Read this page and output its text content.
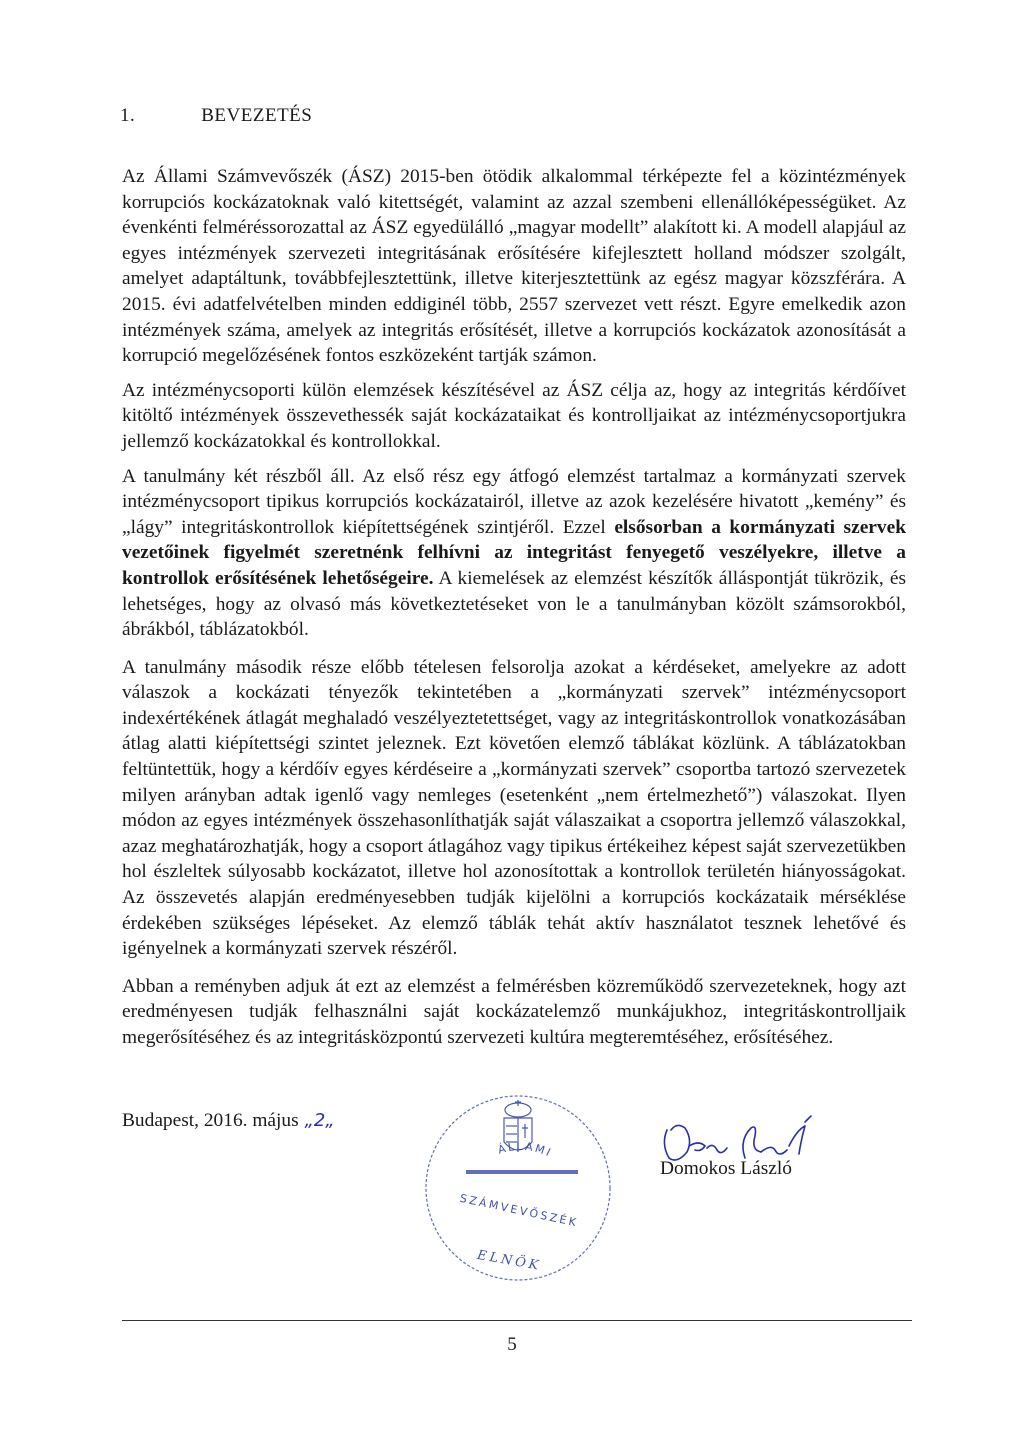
1.	BEVEZETÉS

Az Állami Számvevőszék (ÁSZ) 2015-ben ötödik alkalommal térképezte fel a közintézmények korrupciós kockázatoknak való kitettségét, valamint az azzal szembeni ellenállóképességüket. Az évenkénti felméréssorozattal az ÁSZ egyedülálló „magyar modellt” alakított ki. A modell alapjául az egyes intézmények szervezeti integritásának erősítésére kifejlesztett holland módszer szolgált, amelyet adaptáltunk, továbbfejlesztettünk, illetve kiterjesztettünk az egész magyar közszférára. A 2015. évi adatfelvételben minden eddiginél több, 2557 szervezet vett részt. Egyre emelkedik azon intézmények száma, amelyek az integritás erősítését, illetve a korrupciós kockázatok azonosítását a korrupció megelőzésének fontos eszközeként tartják számon.

Az intézménycsoporti külön elemzések készítésével az ÁSZ célja az, hogy az integritás kérdőívet kitöltő intézmények összevethessék saját kockázataikat és kontrolljaikat az intézménycsoportjukra jellemző kockázatokkal és kontrollokkal.

A tanulmány két részből áll. Az első rész egy átfogó elemzést tartalmaz a kormányzati szervek intézménycsoport tipikus korrupciós kockázatairól, illetve az azok kezelésére hivatott „kemény” és „lágy” integritáskontrollok kiépítettségének szintjéről. Ezzel elsősorban a kormányzati szervek vezetőinek figyelmét szeretnénk felhívni az integritást fenyegető veszélyekre, illetve a kontrollok erősítésének lehetőségeire. A kiemelések az elemzést készítők álláspontját tükrözik, és lehetséges, hogy az olvasó más következtetéseket von le a tanulmányban közölt számsorokból, ábrákból, táblázatokból.

A tanulmány második része előbb tételesen felsorolja azokat a kérdéseket, amelyekre az adott válaszok a kockázati tényezők tekintetében a „kormányzati szervek” intézménycsoport indexértékének átlagát meghaladó veszélyeztetettséget, vagy az integritáskontrollok vonatkozásában átlag alatti kiépítettségi szintet jeleznek. Ezt követően elemző táblákat közlünk. A táblázatokban feltüntettük, hogy a kérdőív egyes kérdéseire a „kormányzati szervek” csoportba tartozó szervezetek milyen arányban adtak igenlő vagy nemleges (esetenként „nem értelmezhető”) válaszokat. Ilyen módon az egyes intézmények összehasonlíthatják saját válaszaikat a csoportra jellemző válaszokkal, azaz meghatározhatják, hogy a csoport átlagához vagy tipikus értékeihez képest saját szervezetükben hol észleltek súlyosabb kockázatot, illetve hol azonosítottak a kontrollok területén hiányosságokat. Az összevetés alapján eredményesebben tudják kijelölni a korrupciós kockázataik mérséklése érdekében szükséges lépéseket. Az elemző táblák tehát aktív használatot tesznek lehetővé és igényelnek a kormányzati szervek részéről.

Abban a reményben adjuk át ezt az elemzést a felmérésben közreműködő szervezeteknek, hogy azt eredményesen tudják felhasználni saját kockázatelemző munkájukhoz, integritáskontrolljaik megerősítéséhez és az integritásközpontú szervezeti kultúra megteremtéséhez, erősítéséhez.

Budapest, 2016. május „2„
ÁLLAMI
SZÁMVEVŐSZÉK
ELNÖK
Domokos László
5
